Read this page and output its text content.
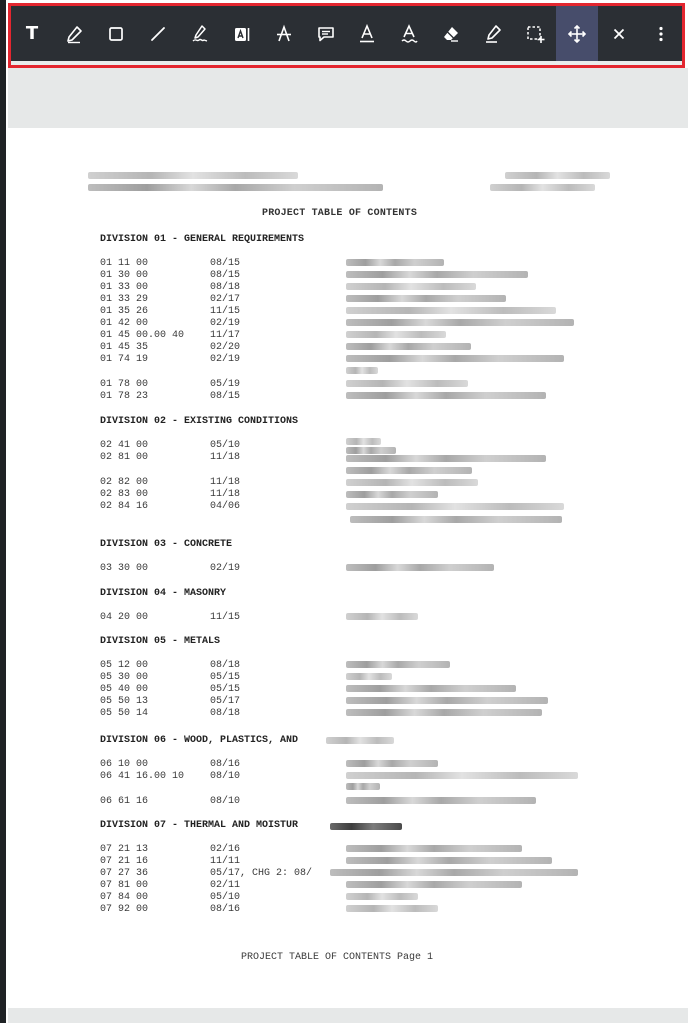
T
PROJECT TABLE OF CONTENTS
DIVISION 01 - GENERAL REQUIREMENTS
01 11 00	08/15
01 30 00	08/15
01 33 00	08/18
01 33 29	02/17
01 35 26	11/15
01 42 00	02/19
01 45 00.00 40	11/17
01 45 35	02/20
01 74 19	02/19
01 78 00	05/19
01 78 23	08/15
DIVISION 02 - EXISTING CONDITIONS
02 41 00	05/10
02 81 00	11/18
02 82 00	11/18
02 83 00	11/18
02 84 16	04/06
DIVISION 03 - CONCRETE
03 30 00	02/19
DIVISION 04 - MASONRY
04 20 00	11/15
DIVISION 05 - METALS
05 12 00	08/18
05 30 00	05/15
05 40 00	05/15
05 50 13	05/17
05 50 14	08/18
DIVISION 06 - WOOD, PLASTICS, AND
06 10 00	08/16
06 41 16.00 10	08/10
06 61 16	08/10
DIVISION 07 - THERMAL AND MOISTUR
07 21 13	02/16
07 21 16	11/11
07 27 36	05/17, CHG 2: 08/
07 81 00	02/11
07 84 00	05/10
07 92 00	08/16
PROJECT TABLE OF CONTENTS Page 1
